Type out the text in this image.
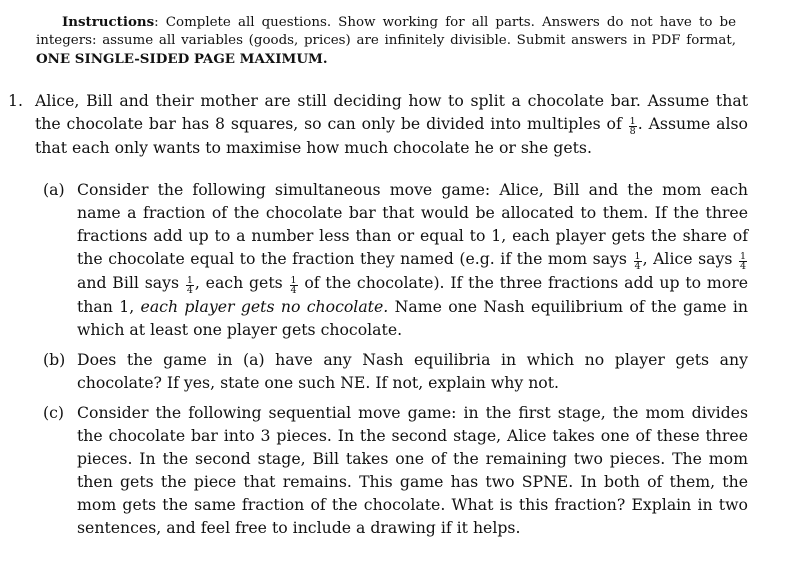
Instructions: Complete all questions. Show working for all parts. Answers do not have to be integers: assume all variables (goods, prices) are infinitely divisible. Submit answers in PDF format, ONE SINGLE-SIDED PAGE MAXIMUM.
1. Alice, Bill and their mother are still deciding how to split a chocolate bar. Assume that the chocolate bar has 8 squares, so can only be divided into multiples of $\frac{1}{8}$ . Assume also that each only wants to maximise how much chocolate he or she gets.
(a) Consider the following simultaneous move game: Alice, Bill and the mom each name a fraction of the chocolate bar that would be allocated to them. If the three fractions add up to a number less than or equal to 1, each player gets the share of the chocolate equal to the fraction they named (e.g. if the mom says $\frac{1}{4}$ , Alice says $\frac{1}{4}$
and Bill says $\frac{1}{4}$ , each gets $\frac{1}{4}$ of the chocolate). If the three fractions add up to more than 1, each player gets no chocolate. Name one Nash equilibrium of the game in which at least one player gets chocolate.
(b) Does the game in (a) have any Nash equilibria in which no player gets any chocolate? If yes, state one such NE. If not, explain why not.
(c) Consider the following sequential move game: in the first stage, the mom divides the chocolate bar into 3 pieces. In the second stage, Alice takes one of these three pieces. In the second stage, Bill takes one of the remaining two pieces. The mom then gets the piece that remains. This game has two SPNE. In both of them, the mom gets the same fraction of the chocolate. What is this fraction? Explain in two sentences, and feel free to include a drawing if it helps.
